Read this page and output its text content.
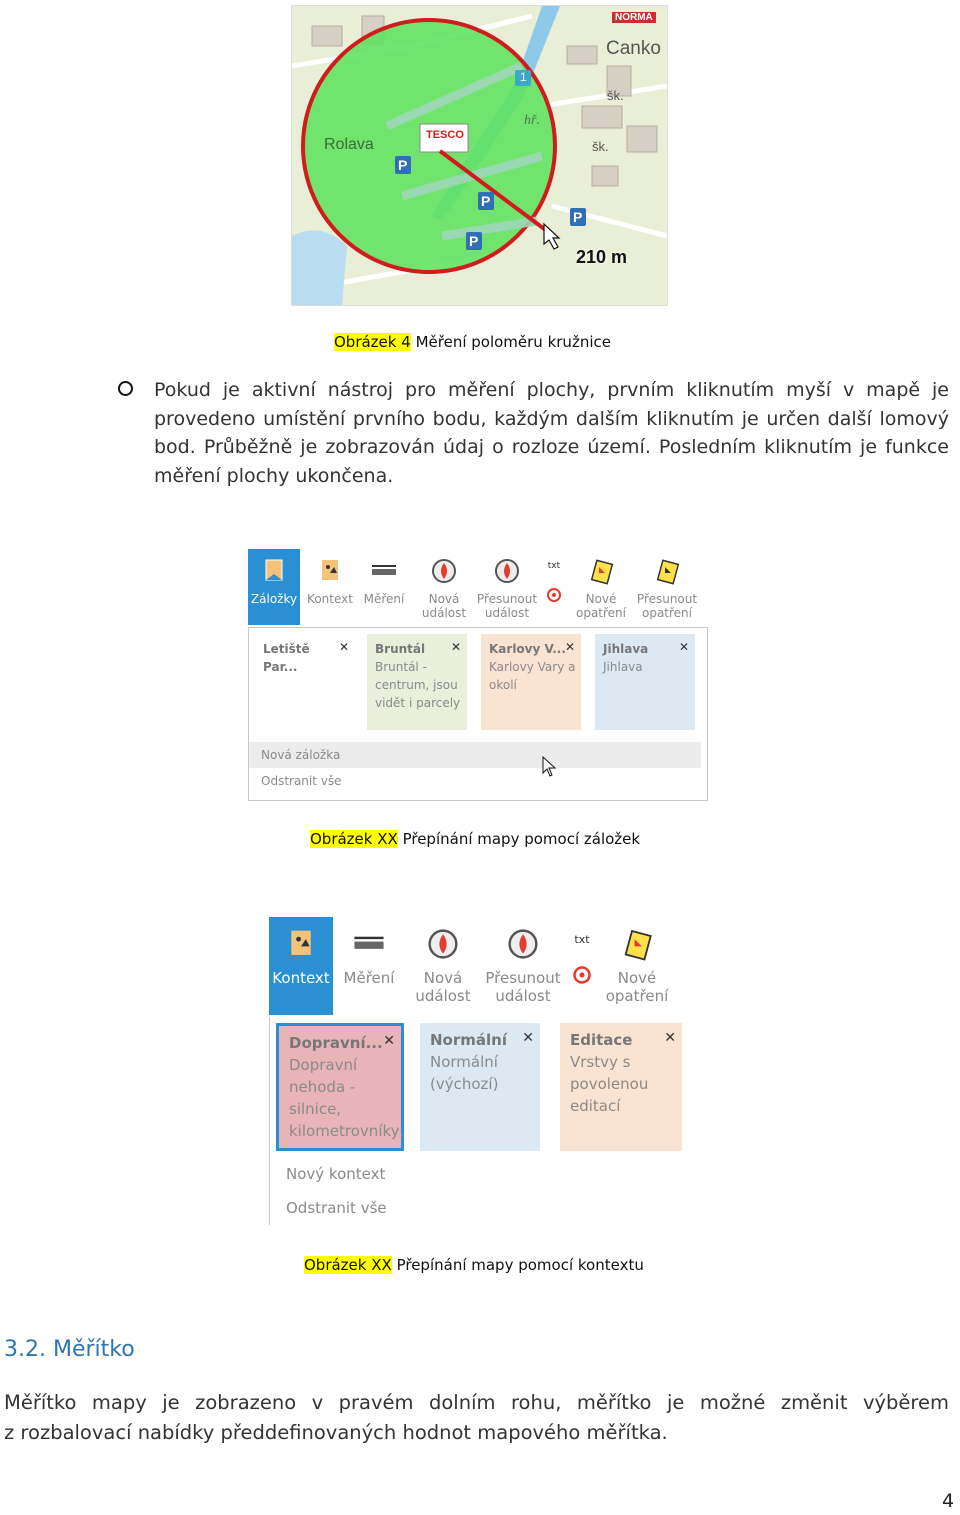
NORMA
Canko
Rolava
šk.
šk.
hř.
TESCO
1
P
P
P
P
210 m
Obrázek 4 Měření poloměru kružnice
Pokud je aktivní nástroj pro měření plochy, prvním kliknutím myší v mapě je
provedeno umístění prvního bodu, každým dalším kliknutím je určen další lomový
bod. Průběžně je zobrazován údaj o rozloze území. Posledním kliknutím je funkce
měření plochy ukončena.
Záložky Kontext Měření	Nová
událost
Přesunout
událost
txt
Nové
opatření
Přesunout
opatření
Letiště Par...
✕ Bruntál
Bruntál -
centrum, jsou
vidět i parcely
✕ Karlovy V...
Karlovy Vary a
okolí
✕ Jihlava
Jihlava
✕
Nová záložka
Odstranit vše
Obrázek XX Přepínání mapy pomocí záložek
Kontext Měření	Nová
událost
Přesunout
událost
txt
Nové
opatření
Dopravní...
Dopravní
nehoda -
silnice,
kilometrovníky,
✕ Normální
Normální
(výchozí)
✕ Editace
Vrstvy s
povolenou
editací
✕
Nový kontext
Odstranit vše
Obrázek XX Přepínání mapy pomocí kontextu
3.2. Měřítko
Měřítko mapy je zobrazeno v pravém dolním rohu, měřítko je možné změnit výběrem
z rozbalovací nabídky předdefinovaných hodnot mapového měřítka.
4
